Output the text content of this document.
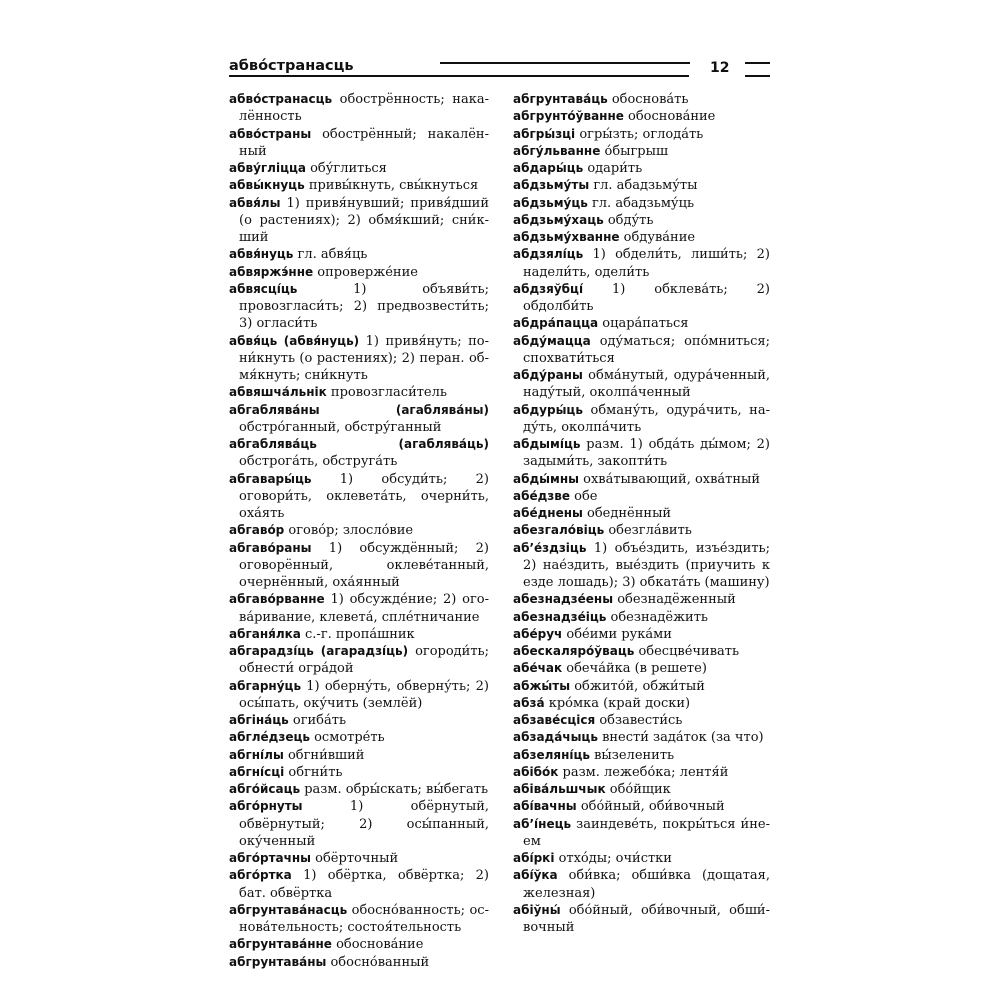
абво́странасць	12

абво́странасць обострённость; накалённость

абво́страны обострённый; накалённый

абву́гліцца обу́глиться

абвы́кнуць привы́кнуть, свы́кнуться

абвя́лы 1) привя́нувший; привя́дший (о растениях); 2) обмя́кший; сни́кший

абвя́нуць гл. абвя́ць

абвяржэ́нне опроверже́ние

абвясці́ць	1) объяви́ть; провозгласи́ть; 2) предвозвести́ть; 3) огласи́ть

абвя́ць (абвя́нуць) 1) привя́нуть; пони́кнуть (о растениях); 2) перан. обмя́кнуть; сни́кнуть

абвяшча́льнік провозгласи́тель

абгаблява́ны (агаблява́ны) обстро́ганный, обстру́ганный

абгаблява́ць (агаблява́ць) обстрога́ть, обструга́ть

абгавары́ць 1) обсуди́ть; 2) оговори́ть, оклевета́ть, очерни́ть, оха́ять

абгаво́р оговóр; злосло́вие

абгаво́раны 1) обсуждённый; 2) оговорённый, оклеве́танный, очернённый, оха́янный

абгаво́рванне 1) обсужде́ние; 2) огова́ривание, клевета́, сплéтничание

абганя́лка с.-г. пропа́шник

абгарадзі́ць (агарадзі́ць) огороди́ть; обнести́ огра́дой

абгарну́ць 1) оберну́ть, обверну́ть; 2) осы́пать, оку́чить (землёй)

абгіна́ць огиба́ть

абглéдзець осмотре́ть

абгні́лы обгни́вший

абгні́сці обгни́ть

абго́йсаць разм. обры́скать; вы́бегать

абго́рнуты	1) обёрнутый, обвёрнутый; 2) осы́панный, оку́ченный

абго́ртачны обёрточный

абго́ртка 1) обёртка, обвёртка; 2) бат. обвёртка

абгрунтава́насць обосно́ванность; основа́тельность; состоя́тельность

абгрунтава́нне обоснова́ние

абгрунтава́ны обосно́ванный

абгрунтава́ць обоснова́ть

абгрунто́ўванне обоснова́ние

абгры́зці огры́зть; оглода́ть

абгу́льванне о́быгрыш

абдары́ць одари́ть

абдзьму́ты гл. абадзьму́ты

абдзьму́ць гл. абадзьму́ць

абдзьму́хаць обду́ть

абдзьму́хванне обдува́ние

абдзялі́ць 1) обдели́ть, лиши́ть; 2) надели́ть, одели́ть

абдзяўбці́ 1) обклева́ть; 2) обдолби́ть

абдра́пацца оцара́паться

абду́мацца оду́маться; опо́мниться; спохвати́ться

абду́раны обма́нутый, одура́ченный, наду́тый, околпа́ченный

абдуры́ць обману́ть, одура́чить, наду́ть, околпа́чить

абдымі́ць разм. 1) обда́ть ды́мом; 2) задыми́ть, закопти́ть

абды́мны охва́тывающий, охва́тный

абе́дзве обе

абе́днены обеднённый

абезгало́віць обезгла́вить

аб’е́здзіць 1) объе́здить, изъе́здить; 2) нае́здить, вые́здить (приучить к езде лошадь); 3) обката́ть (машину)

абезнадзе́ены обезнадёженный

абезнадзе́іць обезнадёжить

абе́руч обе́ими рука́ми

абескаляро́ўваць обесцве́чивать

абе́чак обеча́йка (в решете)

абжы́ты обжито́й, обжи́тый

абза́ кро́мка (край доски)

абзаве́сціся обзавести́сь

абзада́чыць внести́ зада́ток (за что)

абзеляні́ць вы́зеленить

абібо́к разм. лежебо́ка; лентя́й

абіва́льшчык обо́йщик

абі́вачны обо́йный, оби́вочный

аб’і́нець заиндеве́ть, покры́ться и́неем

абі́ркі отхóды; очи́стки

абі́ўка оби́вка; обши́вка (дощатая, железная)

абіўны́ обо́йный, оби́вочный, обши́вочный
